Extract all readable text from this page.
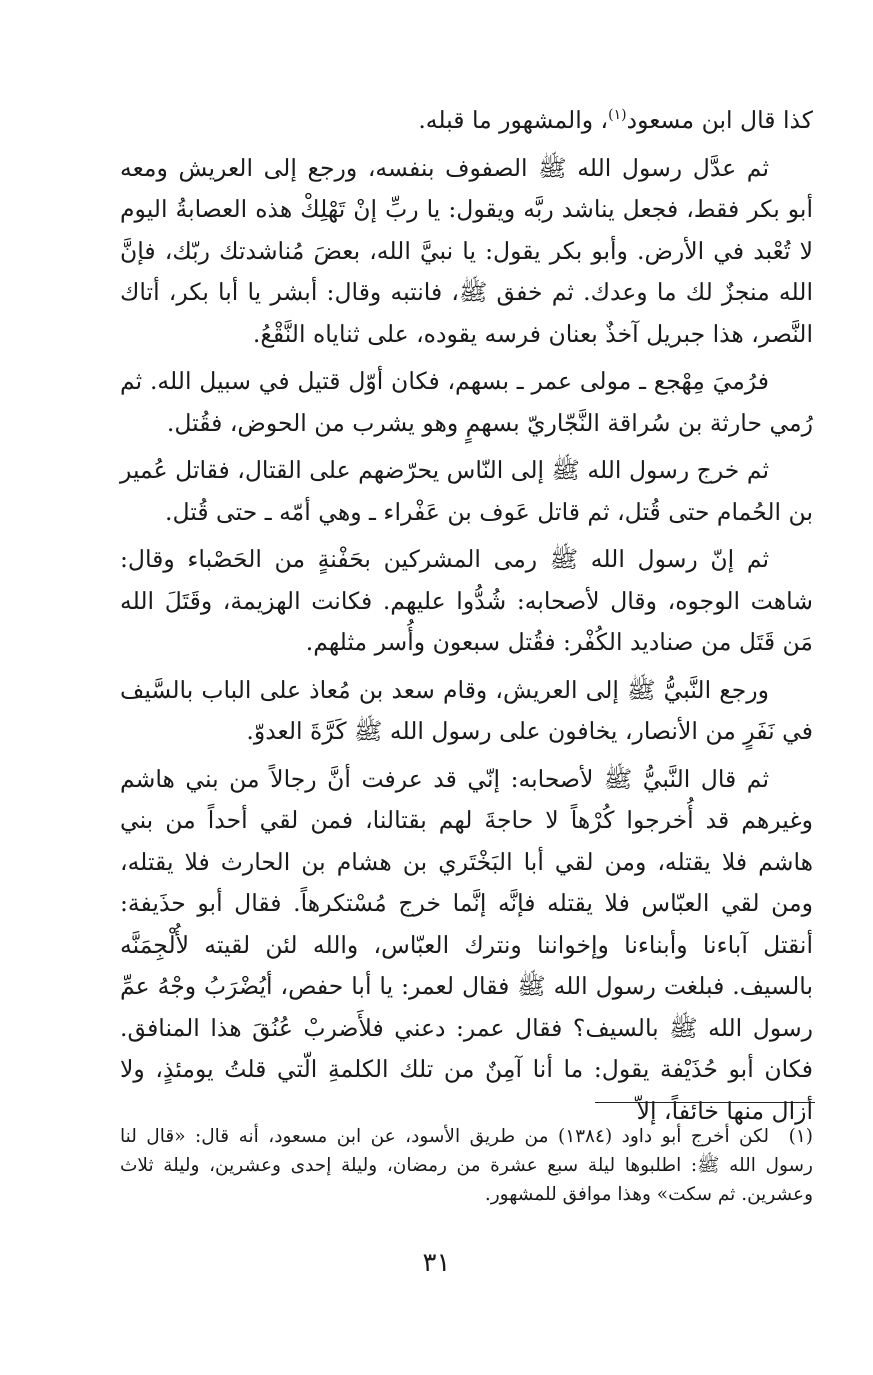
كذا قال ابن مسعود$^{(١)}$، والمشهور ما قبله.

ثم عدَّل رسول الله ﷺ الصفوف بنفسه، ورجع إلى العريش ومعه أبو بكر فقط، فجعل يناشد ربَّه ويقول: يا ربِّ إنْ تَهْلِكْ هذه العصابةُ اليوم لا تُعْبد في الأرض. وأبو بكر يقول: يا نبيَّ الله، بعضَ مُناشدتك ربّك، فإنَّ الله منجزٌ لك ما وعدك. ثم خفق ﷺ، فانتبه وقال: أبشر يا أبا بكر، أتاك النَّصر، هذا جبريل آخذٌ بعنان فرسه يقوده، على ثناياه النَّقْعُ.

فرُميَ مِهْجع ـ مولى عمر ـ بسهم، فكان أوّل قتيل في سبيل الله. ثم رُمي حارثة بن سُراقة النَّجّاريّ بسهمٍ وهو يشرب من الحوض، فقُتل.

ثم خرج رسول الله ﷺ إلى النّاس يحرّضهم على القتال، فقاتل عُمير بن الحُمام حتى قُتل، ثم قاتل عَوف بن عَفْراء ـ وهي أمّه ـ حتى قُتل.

ثم إنّ رسول الله ﷺ رمى المشركين بحَفْنةٍ من الحَصْباء وقال: شاهت الوجوه، وقال لأصحابه: شُدُّوا عليهم. فكانت الهزيمة، وقَتَلَ الله مَن قَتَل من صناديد الكُفْر: فقُتل سبعون وأُسر مثلهم.

ورجع النَّبيُّ ﷺ إلى العريش، وقام سعد بن مُعاذ على الباب بالسَّيف في نَفَرٍ من الأنصار، يخافون على رسول الله ﷺ كَرَّةَ العدوّ.

ثم قال النَّبيُّ ﷺ لأصحابه: إنّي قد عرفت أنَّ رجالاً من بني هاشم وغيرهم قد أُخرجوا كُرْهاً لا حاجةَ لهم بقتالنا، فمن لقي أحداً من بني هاشم فلا يقتله، ومن لقي أبا البَخْتَري بن هشام بن الحارث فلا يقتله، ومن لقي العبّاس فلا يقتله فإنَّه إنَّما خرج مُسْتكرهاً. فقال أبو حذَيفة: أنقتل آباءنا وأبناءنا وإخواننا ونترك العبّاس، والله لئن لقيته لأُلْجِمَنَّه بالسيف. فبلغت رسول الله ﷺ فقال لعمر: يا أبا حفص، أيُضْرَبُ وجْهُ عمِّ رسول الله ﷺ بالسيف؟ فقال عمر: دعني فلأَضربْ عُنُقَ هذا المنافق. فكان أبو حُذَيْفة يقول: ما أنا آمِنٌ من تلك الكلمةِ الّتي قلتُ يومئذٍ، ولا أزال منها خائفاً، إلاّ

(١)لكن أخرج أبو داود (١٣٨٤) من طريق الأسود، عن ابن مسعود، أنه قال: «قال لنا رسول الله ﷺ: اطلبوها ليلة سبع عشرة من رمضان، وليلة إحدى وعشرين، وليلة ثلاث وعشرين. ثم سكت» وهذا موافق للمشهور.
٣١
